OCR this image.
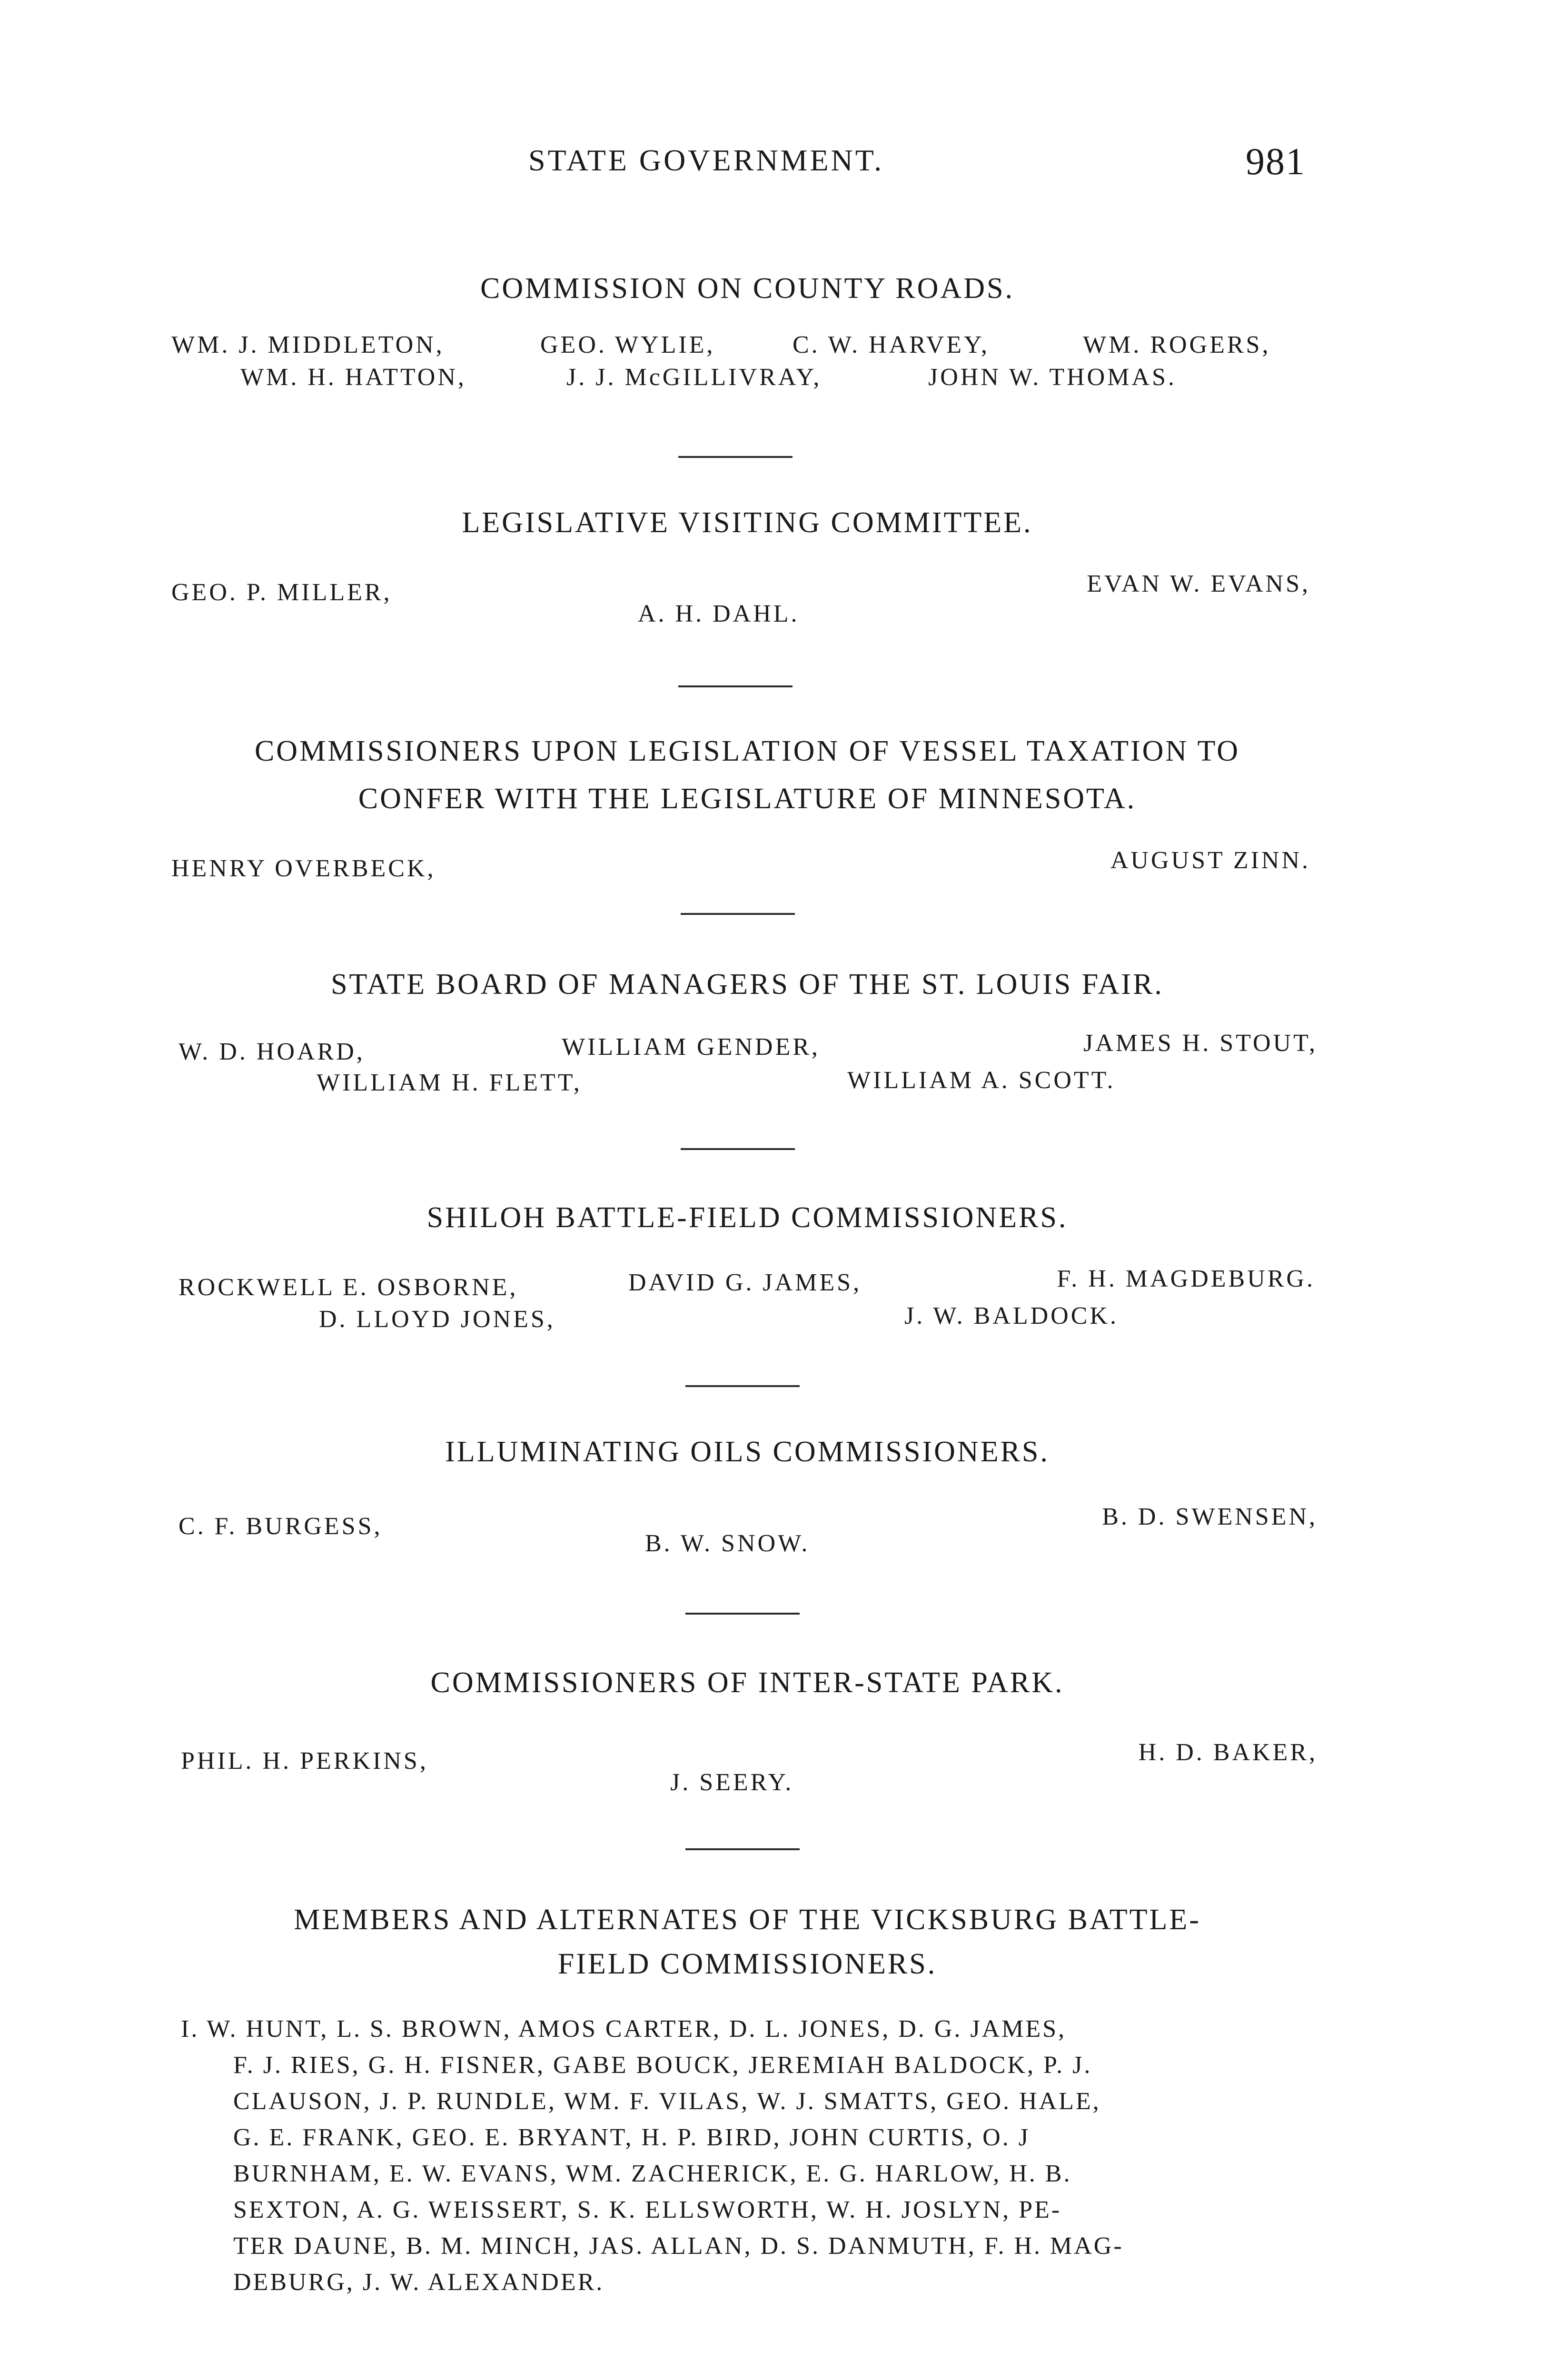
STATE GOVERNMENT.	981
COMMISSION ON COUNTY ROADS.
WM. J. MIDDLETON,	GEO. WYLIE,	C. W. HARVEY,	WM. ROGERS,
WM. H. HATTON,	J. J. McGILLIVRAY,	JOHN W. THOMAS.
LEGISLATIVE VISITING COMMITTEE.
GEO. P. MILLER,
A. H. DAHL.
EVAN W. EVANS,
COMMISSIONERS UPON LEGISLATION OF VESSEL TAXATION TO
CONFER WITH THE LEGISLATURE OF MINNESOTA.
HENRY OVERBECK,	AUGUST ZINN.
STATE BOARD OF MANAGERS OF THE ST. LOUIS FAIR.
W. D. HOARD,	WILLIAM GENDER,	JAMES H. STOUT,
WILLIAM H. FLETT,	WILLIAM A. SCOTT.
SHILOH BATTLE-FIELD COMMISSIONERS.
ROCKWELL E. OSBORNE,	DAVID G. JAMES,	F. H. MAGDEBURG.
D. LLOYD JONES,	J. W. BALDOCK.
ILLUMINATING OILS COMMISSIONERS.
C. F. BURGESS,
B. W. SNOW.
B. D. SWENSEN,
COMMISSIONERS OF INTER-STATE PARK.
PHIL. H. PERKINS,
J. SEERY.
H. D. BAKER,
MEMBERS AND ALTERNATES OF THE VICKSBURG BATTLE-
FIELD COMMISSIONERS.
I. W. HUNT, L. S. BROWN, AMOS CARTER, D. L. JONES, D. G. JAMES,
F. J. RIES, G. H. FISNER, GABE BOUCK, JEREMIAH BALDOCK, P. J.
CLAUSON, J. P. RUNDLE, WM. F. VILAS, W. J. SMATTS, GEO. HALE,
G. E. FRANK, GEO. E. BRYANT, H. P. BIRD, JOHN CURTIS, O. J
BURNHAM, E. W. EVANS, WM. ZACHERICK, E. G. HARLOW, H. B.
SEXTON, A. G. WEISSERT, S. K. ELLSWORTH, W. H. JOSLYN, PE-
TER DAUNE, B. M. MINCH, JAS. ALLAN, D. S. DANMUTH, F. H. MAG-
DEBURG, J. W. ALEXANDER.
